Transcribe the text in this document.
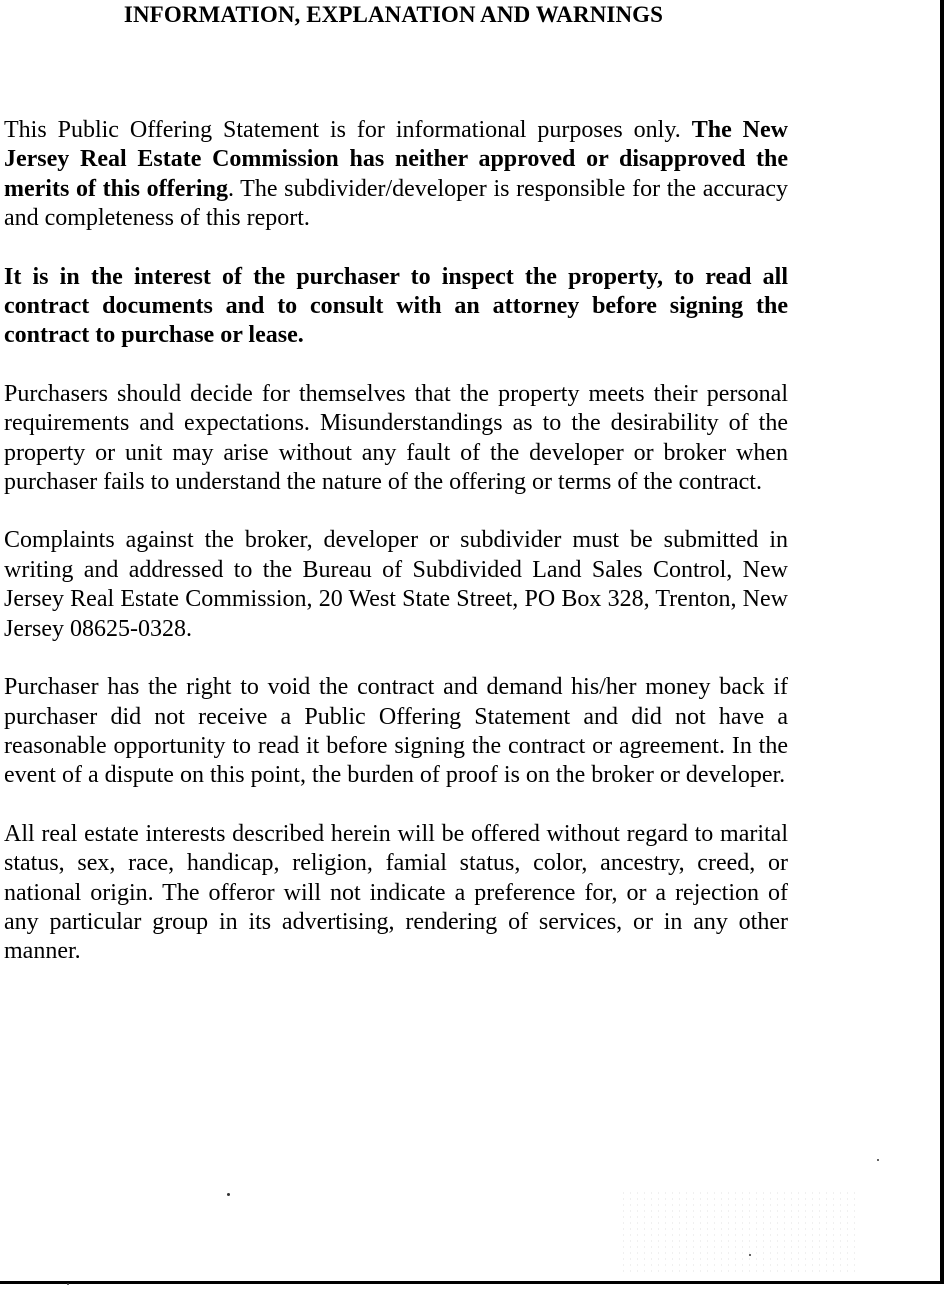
INFORMATION, EXPLANATION AND WARNINGS

This Public Offering Statement is for informational purposes only. The New Jersey Real Estate Commission has neither approved or disapproved the merits of this offering. The subdivider/developer is responsible for the accuracy and completeness of this report.

It is in the interest of the purchaser to inspect the property, to read all contract documents and to consult with an attorney before signing the contract to purchase or lease.

Purchasers should decide for themselves that the property meets their personal requirements and expectations. Misunderstandings as to the desirability of the property or unit may arise without any fault of the developer or broker when purchaser fails to understand the nature of the offering or terms of the contract.

Complaints against the broker, developer or subdivider must be submitted in writing and addressed to the Bureau of Subdivided Land Sales Control, New Jersey Real Estate Commission, 20 West State Street, PO Box 328, Trenton, New Jersey 08625-0328.

Purchaser has the right to void the contract and demand his/her money back if purchaser did not receive a Public Offering Statement and did not have a reasonable opportunity to read it before signing the contract or agreement. In the event of a dispute on this point, the burden of proof is on the broker or developer.

All real estate interests described herein will be offered without regard to marital status, sex, race, handicap, religion, famial status, color, ancestry, creed, or national origin. The offeror will not indicate a preference for, or a rejection of any particular group in its advertising, rendering of services, or in any other manner.
